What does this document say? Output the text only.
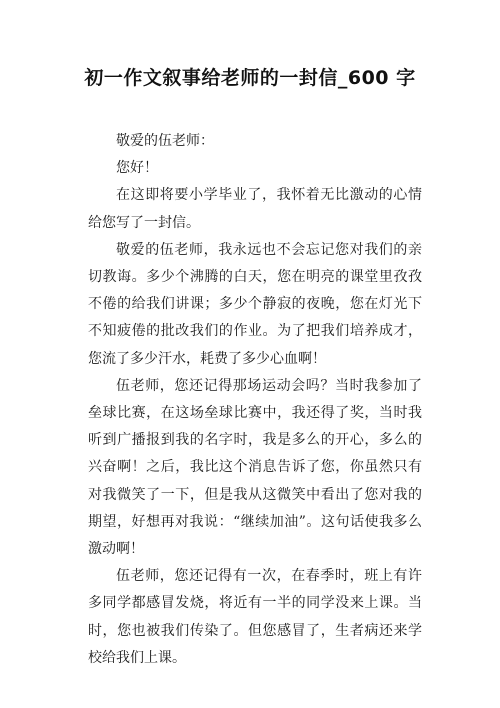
初一作文叙事给老师的一封信_600 字

敬爱的伍老师：

您好！

在这即将要小学毕业了，我怀着无比激动的心情给您写了一封信。

敬爱的伍老师，我永远也不会忘记您对我们的亲切教诲。多少个沸腾的白天，您在明亮的课堂里孜孜不倦的给我们讲课；多少个静寂的夜晚，您在灯光下不知疲倦的批改我们的作业。为了把我们培养成才，您流了多少汗水，耗费了多少心血啊！

伍老师，您还记得那场运动会吗？当时我参加了垒球比赛，在这场垒球比赛中，我还得了奖，当时我听到广播报到我的名字时，我是多么的开心，多么的兴奋啊！之后，我比这个消息告诉了您，你虽然只有对我微笑了一下，但是我从这微笑中看出了您对我的期望，好想再对我说：“继续加油”。这句话使我多么激动啊！

伍老师，您还记得有一次，在春季时，班上有许多同学都感冒发烧，将近有一半的同学没来上课。当时，您也被我们传染了。但您感冒了，生者病还来学校给我们上课。
